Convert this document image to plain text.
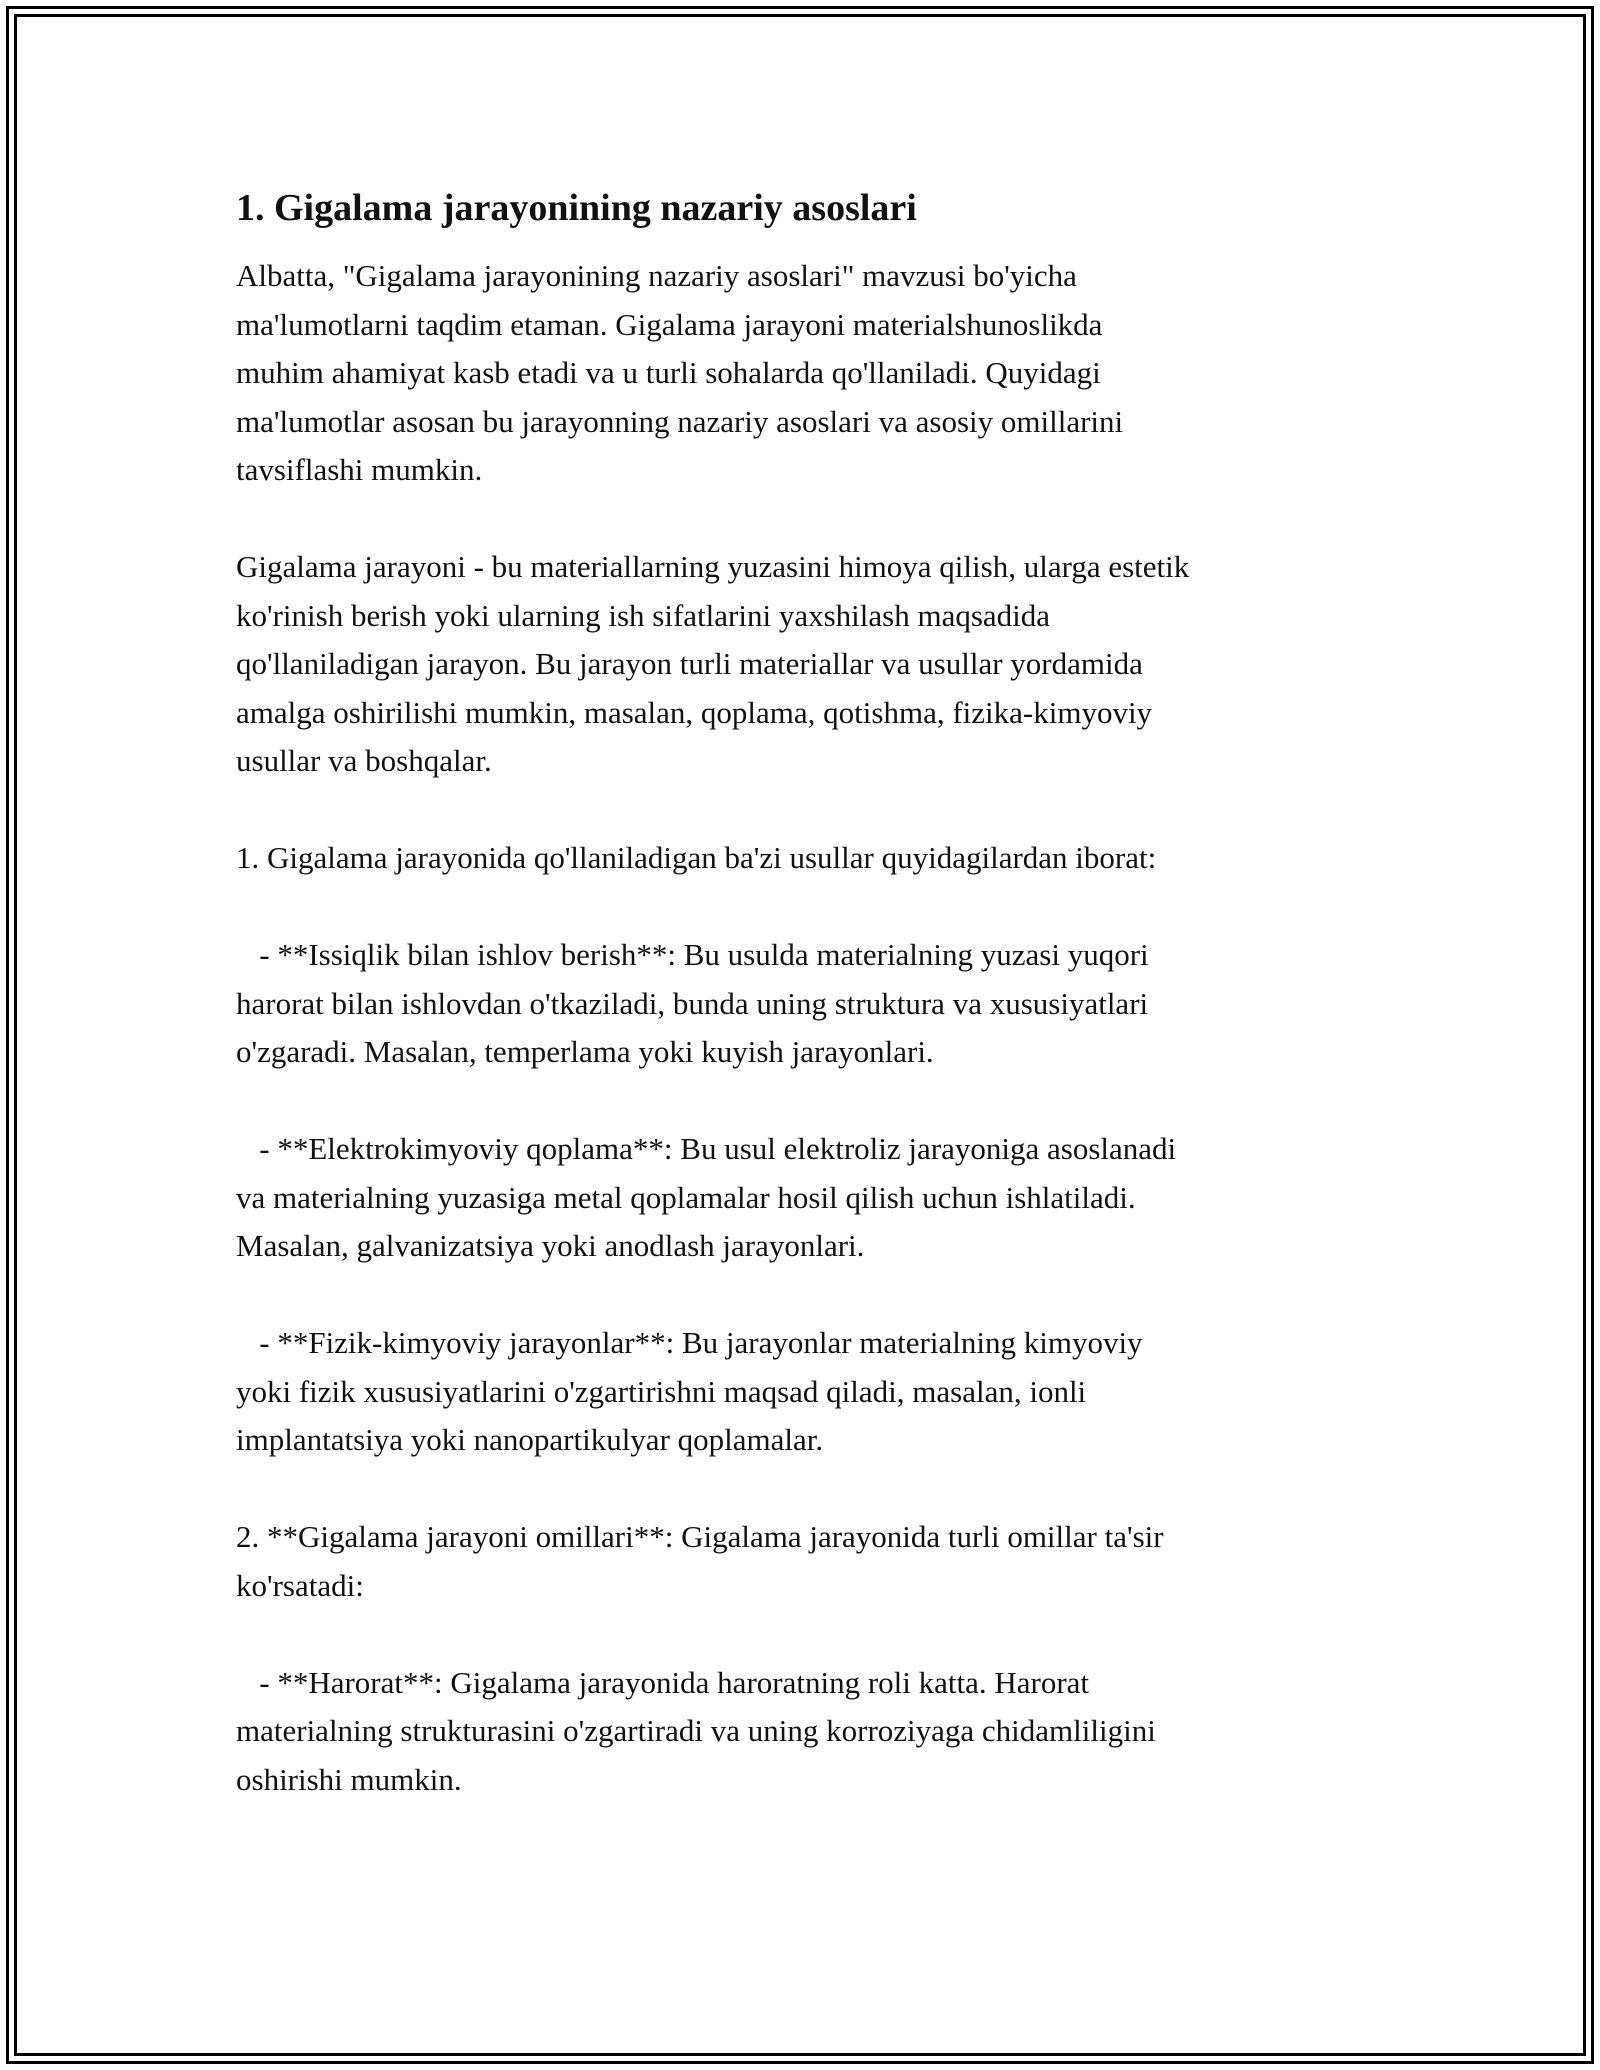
1. Gigalama jarayonining nazariy asoslari

Albatta, "Gigalama jarayonining nazariy asoslari" mavzusi bo'yicha
ma'lumotlarni taqdim etaman. Gigalama jarayoni materialshunoslikda
muhim ahamiyat kasb etadi va u turli sohalarda qo'llaniladi. Quyidagi
ma'lumotlar asosan bu jarayonning nazariy asoslari va asosiy omillarini
tavsiflashi mumkin.

Gigalama jarayoni - bu materiallarning yuzasini himoya qilish, ularga estetik
ko'rinish berish yoki ularning ish sifatlarini yaxshilash maqsadida
qo'llaniladigan jarayon. Bu jarayon turli materiallar va usullar yordamida
amalga oshirilishi mumkin, masalan, qoplama, qotishma, fizika-kimyoviy
usullar va boshqalar.

1. Gigalama jarayonida qo'llaniladigan ba'zi usullar quyidagilardan iborat:

- **Issiqlik bilan ishlov berish**: Bu usulda materialning yuzasi yuqori
harorat bilan ishlovdan o'tkaziladi, bunda uning struktura va xususiyatlari
o'zgaradi. Masalan, temperlama yoki kuyish jarayonlari.

- **Elektrokimyoviy qoplama**: Bu usul elektroliz jarayoniga asoslanadi
va materialning yuzasiga metal qoplamalar hosil qilish uchun ishlatiladi.
Masalan, galvanizatsiya yoki anodlash jarayonlari.

- **Fizik-kimyoviy jarayonlar**: Bu jarayonlar materialning kimyoviy
yoki fizik xususiyatlarini o'zgartirishni maqsad qiladi, masalan, ionli
implantatsiya yoki nanopartikulyar qoplamalar.

2. **Gigalama jarayoni omillari**: Gigalama jarayonida turli omillar ta'sir
ko'rsatadi:

- **Harorat**: Gigalama jarayonida haroratning roli katta. Harorat
materialning strukturasini o'zgartiradi va uning korroziyaga chidamliligini
oshirishi mumkin.
